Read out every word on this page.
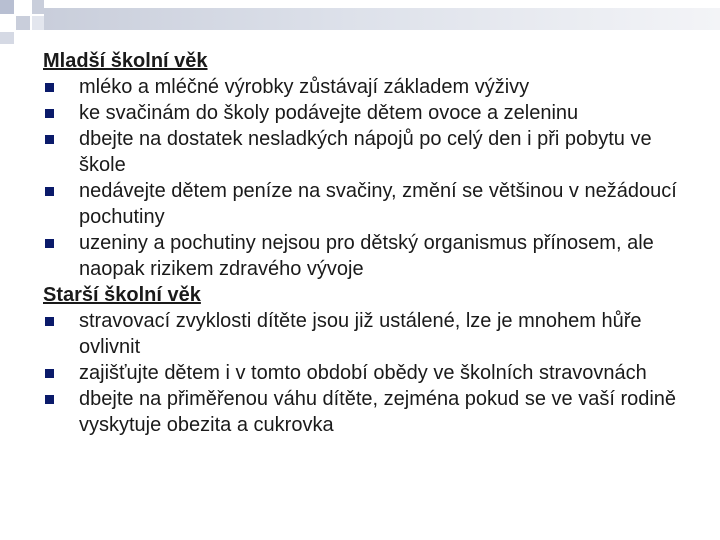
Mladší školní věk

mléko a mléčné výrobky zůstávají základem výživy
ke svačinám do školy podávejte dětem ovoce a zeleninu
dbejte na dostatek nesladkých nápojů po celý den i při pobytu ve škole
nedávejte dětem peníze na svačiny, změní se většinou v nežádoucí pochutiny
uzeniny a pochutiny nejsou pro dětský organismus přínosem, ale naopak rizikem zdravého vývoje

Starší školní věk

stravovací zvyklosti dítěte jsou již ustálené, lze je mnohem hůře ovlivnit
zajišťujte dětem i v tomto období obědy ve školních stravovnách
dbejte na přiměřenou váhu dítěte, zejména pokud se ve vaší rodině vyskytuje obezita a cukrovka
